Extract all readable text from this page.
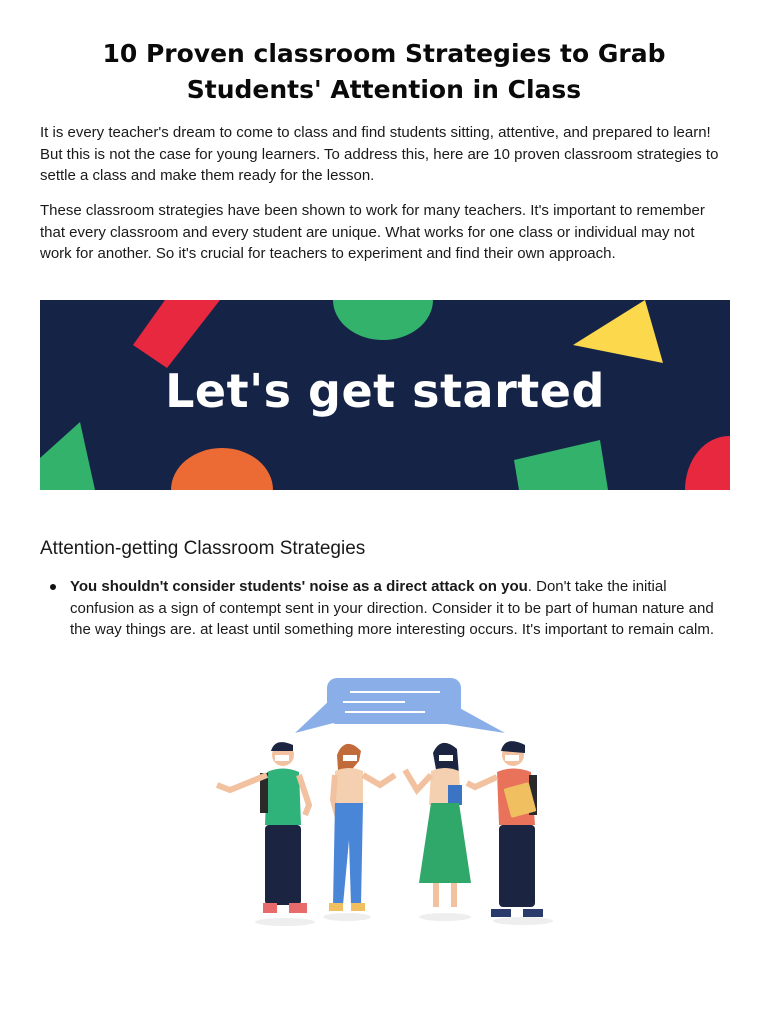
10 Proven classroom Strategies to Grab Students' Attention in Class

It is every teacher's dream to come to class and find students sitting, attentive, and prepared to learn! But this is not the case for young learners. To address this, here are 10 proven classroom strategies to settle a class and make them ready for the lesson.

These classroom strategies have been shown to work for many teachers. It's important to remember that every classroom and every student are unique. What works for one class or individual may not work for another. So it's crucial for teachers to experiment and find their own approach.

Let's get started
Attention-getting Classroom Strategies
You shouldn't consider students' noise as a direct attack on you. Don't take the initial confusion as a sign of contempt sent in your direction. Consider it to be part of human nature and the way things are. at least until something more interesting occurs. It's important to remain calm.
